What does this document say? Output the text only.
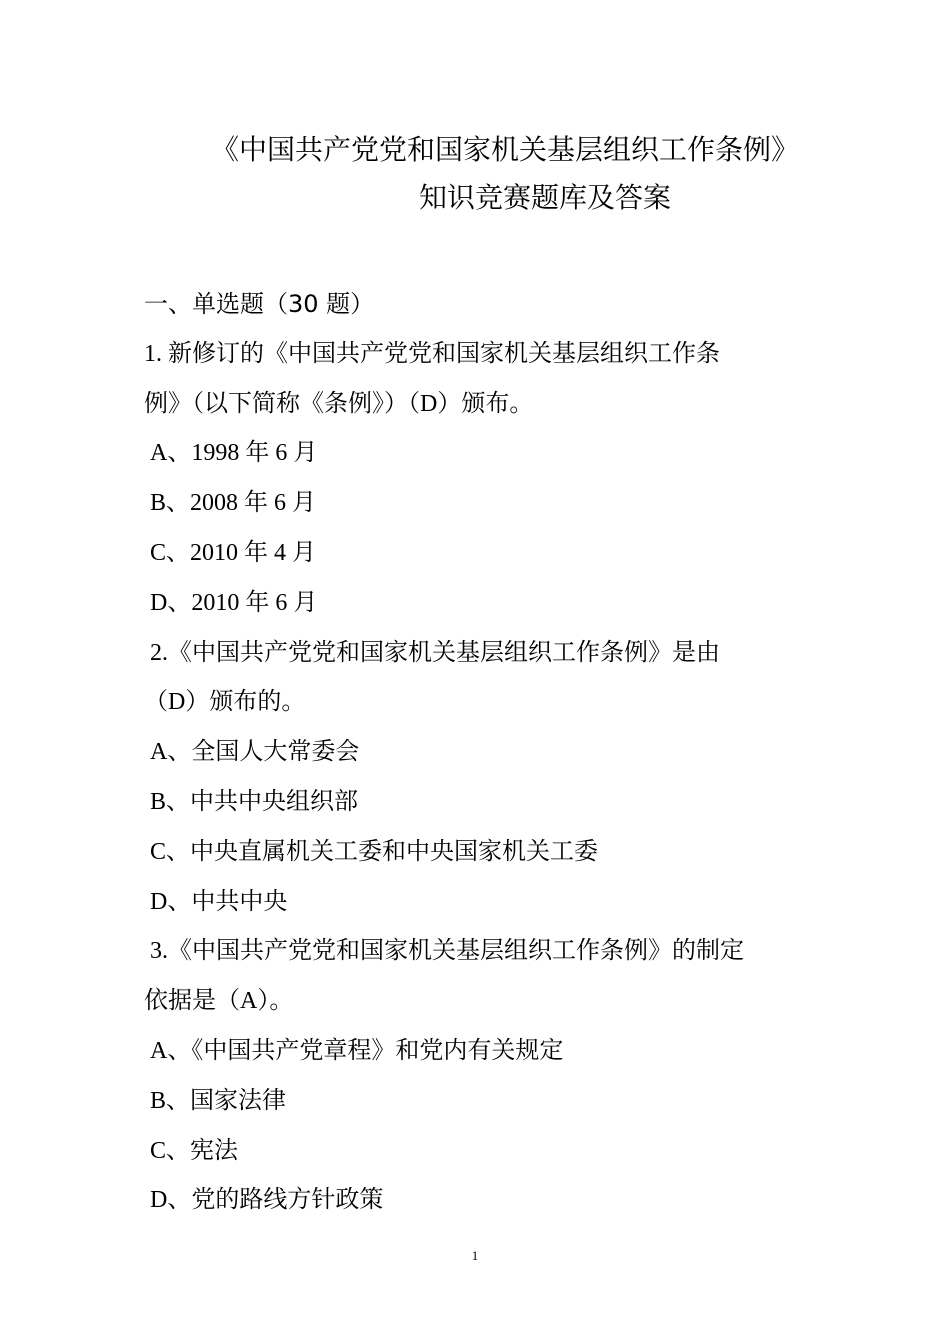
《中国共产党党和国家机关基层组织工作条例》
知识竞赛题库及答案
一、单选题（30 题）
1. 新修订的《中国共产党党和国家机关基层组织工作条
例》（以下简称《条例》）（D）颁布。
A、1998 年 6 月
B、2008 年 6 月
C、2010 年 4 月
D、2010 年 6 月
2.《中国共产党党和国家机关基层组织工作条例》是由
（D）颁布的。
A、全国人大常委会
B、中共中央组织部
C、中央直属机关工委和中央国家机关工委
D、中共中央
3.《中国共产党党和国家机关基层组织工作条例》的制定
依据是（A）。
A、《中国共产党章程》和党内有关规定
B、国家法律
C、宪法
D、党的路线方针政策
1
